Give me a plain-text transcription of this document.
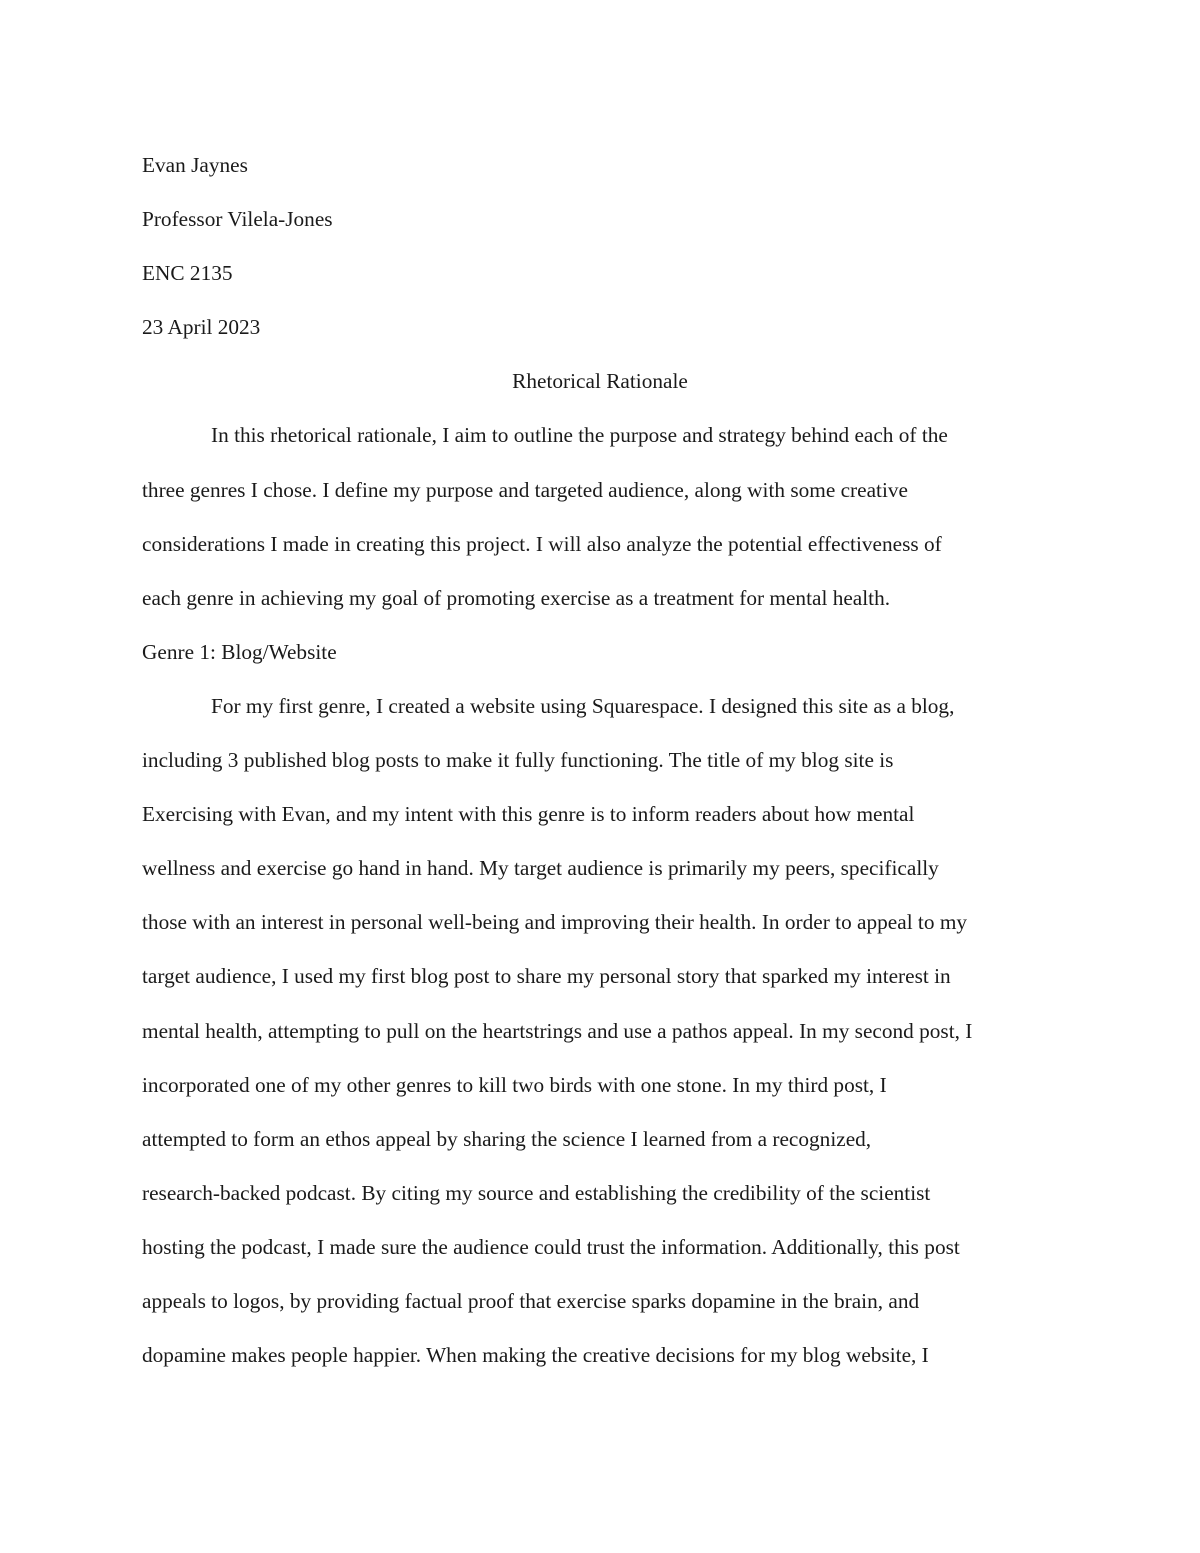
Evan Jaynes
Professor Vilela-Jones
ENC 2135
23 April 2023
Rhetorical Rationale
In this rhetorical rationale, I aim to outline the purpose and strategy behind each of the
three genres I chose. I define my purpose and targeted audience, along with some creative
considerations I made in creating this project. I will also analyze the potential effectiveness of
each genre in achieving my goal of promoting exercise as a treatment for mental health.
Genre 1: Blog/Website
For my first genre, I created a website using Squarespace. I designed this site as a blog,
including 3 published blog posts to make it fully functioning. The title of my blog site is
Exercising with Evan, and my intent with this genre is to inform readers about how mental
wellness and exercise go hand in hand. My target audience is primarily my peers, specifically
those with an interest in personal well-being and improving their health. In order to appeal to my
target audience, I used my first blog post to share my personal story that sparked my interest in
mental health, attempting to pull on the heartstrings and use a pathos appeal. In my second post, I
incorporated one of my other genres to kill two birds with one stone. In my third post, I
attempted to form an ethos appeal by sharing the science I learned from a recognized,
research-backed podcast. By citing my source and establishing the credibility of the scientist
hosting the podcast, I made sure the audience could trust the information. Additionally, this post
appeals to logos, by providing factual proof that exercise sparks dopamine in the brain, and
dopamine makes people happier. When making the creative decisions for my blog website, I
